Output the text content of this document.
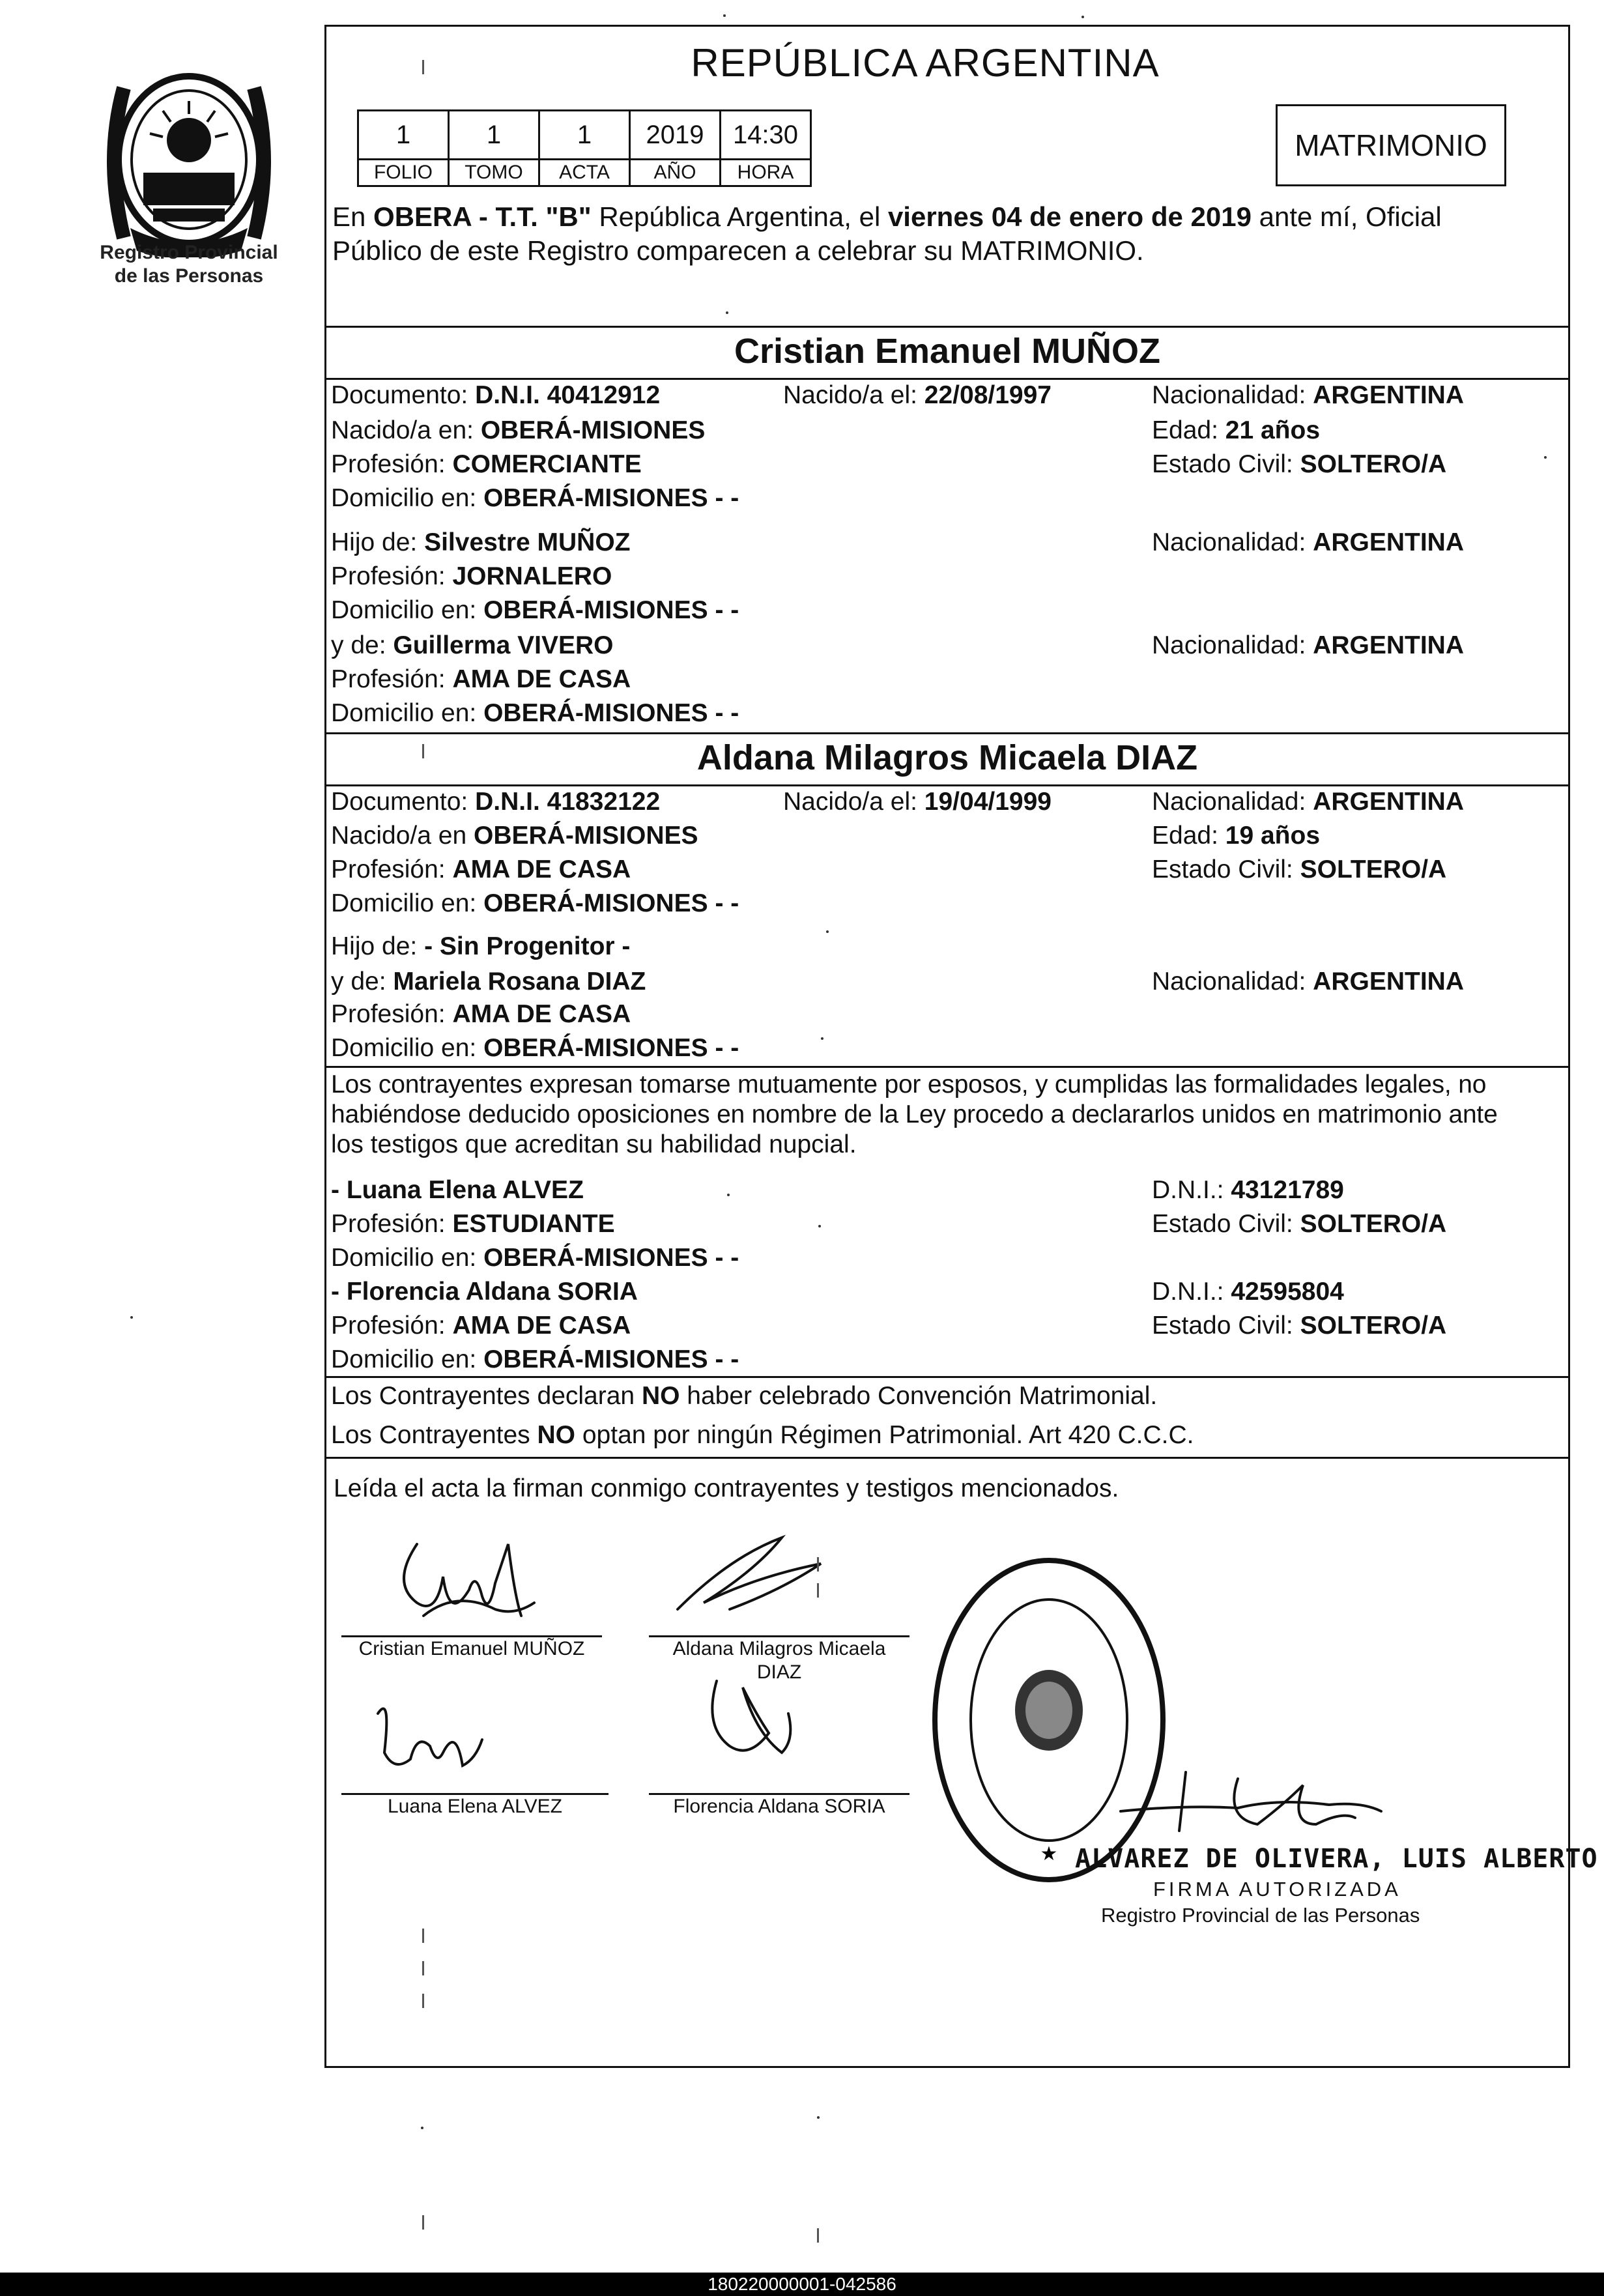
Registro Provincial
de las Personas
REPÚBLICA ARGENTINA
1	1	1	2019	14:30
FOLIO	TOMO	ACTA	AÑO	HORA
MATRIMONIO
En OBERA - T.T. "B" República Argentina, el viernes 04 de enero de 2019 ante mí, Oficial
Público de este Registro comparecen a celebrar su MATRIMONIO.
Cristian Emanuel MUÑOZ
Documento: D.N.I. 40412912	Nacido/a el: 22/08/1997	Nacionalidad: ARGENTINA
Nacido/a en: OBERÁ-MISIONES	Edad: 21 años
Profesión: COMERCIANTE	Estado Civil: SOLTERO/A
Domicilio en: OBERÁ-MISIONES - -
Hijo de: Silvestre MUÑOZ	Nacionalidad: ARGENTINA
Profesión: JORNALERO
Domicilio en: OBERÁ-MISIONES - -
y de: Guillerma VIVERO	Nacionalidad: ARGENTINA
Profesión: AMA DE CASA
Domicilio en: OBERÁ-MISIONES - -
Aldana Milagros Micaela DIAZ
Documento: D.N.I. 41832122	Nacido/a el: 19/04/1999	Nacionalidad: ARGENTINA
Nacido/a en OBERÁ-MISIONES	Edad: 19 años
Profesión: AMA DE CASA	Estado Civil: SOLTERO/A
Domicilio en: OBERÁ-MISIONES - -
Hijo de: - Sin Progenitor -
y de: Mariela Rosana DIAZ	Nacionalidad: ARGENTINA
Profesión: AMA DE CASA
Domicilio en: OBERÁ-MISIONES - -
Los contrayentes expresan tomarse mutuamente por esposos, y cumplidas las formalidades legales, no
habiéndose deducido oposiciones en nombre de la Ley procedo a declararlos unidos en matrimonio ante
los testigos que acreditan su habilidad nupcial.
- Luana Elena ALVEZ	D.N.I.: 43121789
Profesión: ESTUDIANTE	Estado Civil: SOLTERO/A
Domicilio en: OBERÁ-MISIONES - -
- Florencia Aldana SORIA	D.N.I.: 42595804
Profesión: AMA DE CASA	Estado Civil: SOLTERO/A
Domicilio en: OBERÁ-MISIONES - -
Los Contrayentes declaran NO haber celebrado Convención Matrimonial.
Los Contrayentes NO optan por ningún Régimen Patrimonial. Art 420 C.C.C.
Leída el acta la firman conmigo contrayentes y testigos mencionados.
Cristian Emanuel MUÑOZ	Aldana Milagros Micaela
DIAZ
Luana Elena ALVEZ	Florencia Aldana SORIA
★ ALVAREZ DE OLIVERA, LUIS ALBERTO
FIRMA AUTORIZADA
Registro Provincial de las Personas
180220000001-042586
